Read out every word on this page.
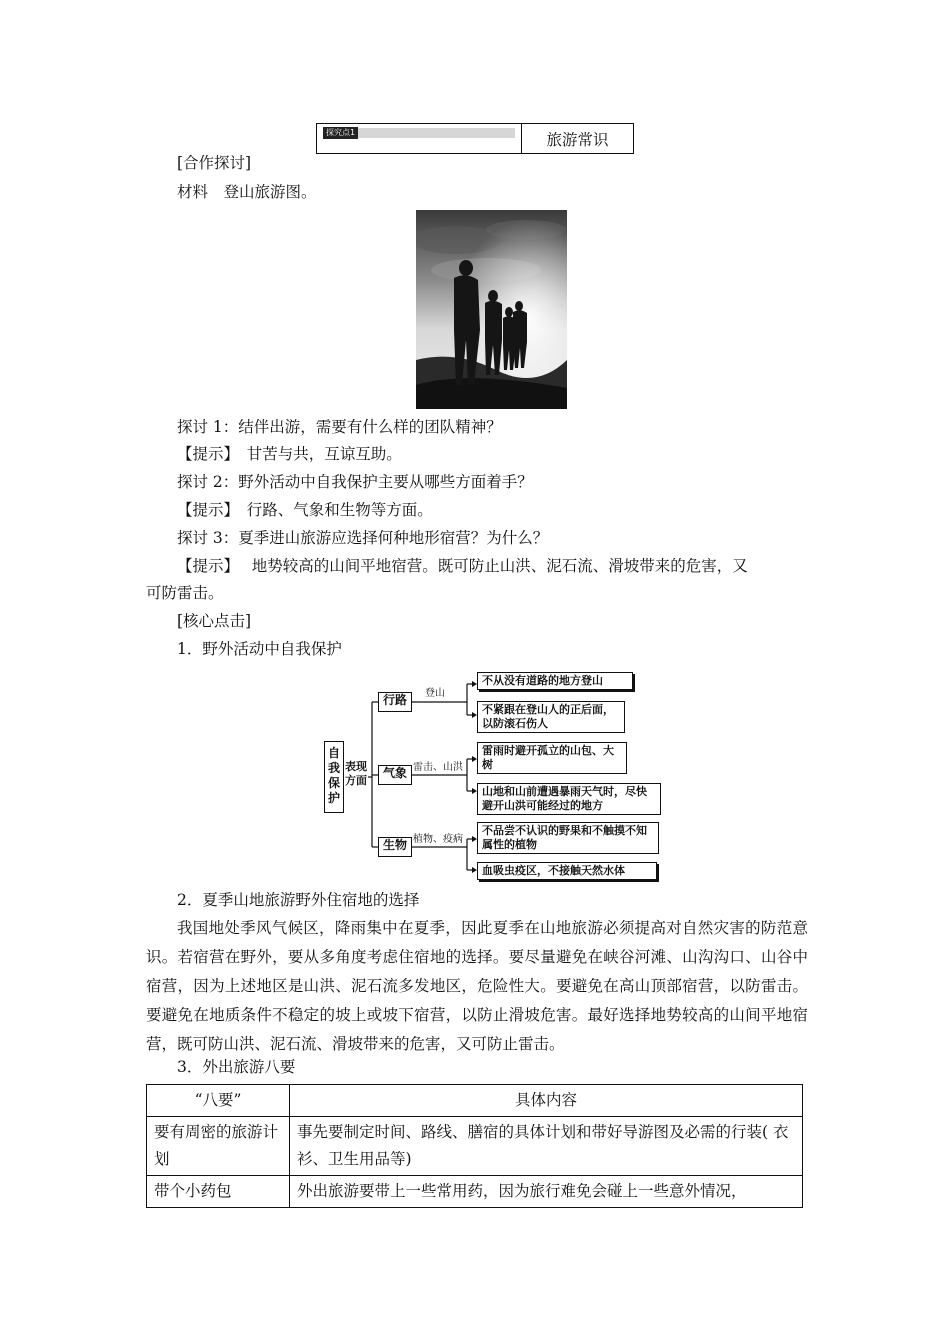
探究点1	旅游常识
[合作探讨]
材料　登山旅游图。
探讨 1：结伴出游，需要有什么样的团队精神？
【提示】　 甘苦与共，互谅互助。
探讨 2：野外活动中自我保护主要从哪些方面着手？
【提示】　 行路、气象和生物等方面。
探讨 3：夏季进山旅游应选择何种地形宿营？为什么？
【提示】　 地势较高的山间平地宿营。既可防止山洪、泥石流、滑坡带来的危害，又
可防雷击。
[核心点击]
1．野外活动中自我保护
自我保护
表现方面
行路	登山
不从没有道路的地方登山
不紧跟在登山人的正后面，以防滚石伤人
气象 雷击、山洪
雷雨时避开孤立的山包、大树
山地和山前遭遇暴雨天气时，尽快避开山洪可能经过的地方
生物 植物、疫病
不品尝不认识的野果和不触摸不知属性的植物
血吸虫疫区，不接触天然水体
2．夏季山地旅游野外住宿地的选择
我国地处季风气候区，降雨集中在夏季，因此夏季在山地旅游必须提高对自然灾害的防范意识。若宿营在野外，要从多角度考虑住宿地的选择。要尽量避免在峡谷河滩、山沟沟口、山谷中宿营，因为上述地区是山洪、泥石流多发地区，危险性大。要避免在高山顶部宿营，以防雷击。要避免在地质条件不稳定的坡上或坡下宿营，以防止滑坡危害。最好选择地势较高的山间平地宿营，既可防山洪、泥石流、滑坡带来的危害，又可防止雷击。
3．外出旅游八要
“八要”	具体内容
要有周密的旅游计划	事先要制定时间、路线、膳宿的具体计划和带好导游图及必需的行装( 衣衫、卫生用品等)
带个小药包	外出旅游要带上一些常用药，因为旅行难免会碰上一些意外情况，
